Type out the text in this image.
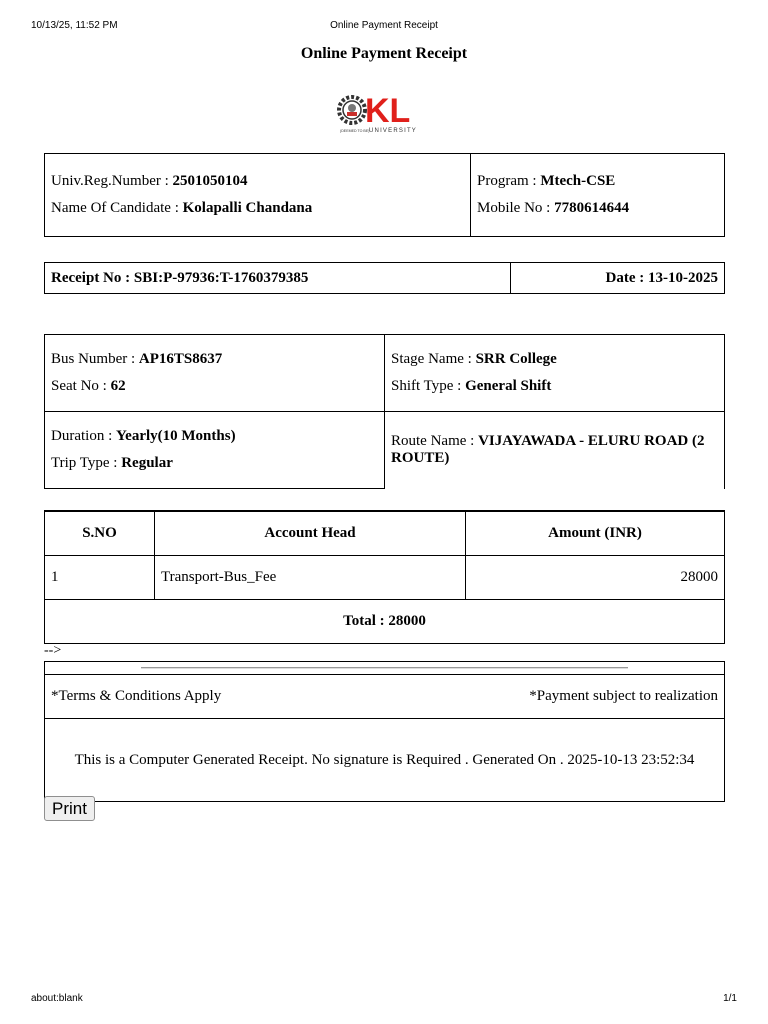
10/13/25, 11:52 PM	Online Payment Receipt
Online Payment Receipt
KL
(DEEMED TO BE) UNIVERSITY
Univ.Reg.Number : 2501050104	Program : Mtech-CSE
Name Of Candidate : Kolapalli Chandana	Mobile No : 7780614644
Receipt No : SBI:P-97936:T-1760379385	Date : 13-10-2025
Bus Number : AP16TS8637	Stage Name : SRR College
Seat No : 62	Shift Type : General Shift
Duration : Yearly(10 Months)	Route Name : VIJAYAWADA - ELURU ROAD (2 ROUTE)
Trip Type : Regular	
S.NO	Account Head	Amount (INR)
1	Transport-Bus_Fee	28000
Total : 28000		
-->

*Terms & Conditions Apply	*Payment subject to realization

This is a Computer Generated Receipt. No signature is Required . Generated On . 2025-10-13 23:52:34
Print
about:blank	1/1
